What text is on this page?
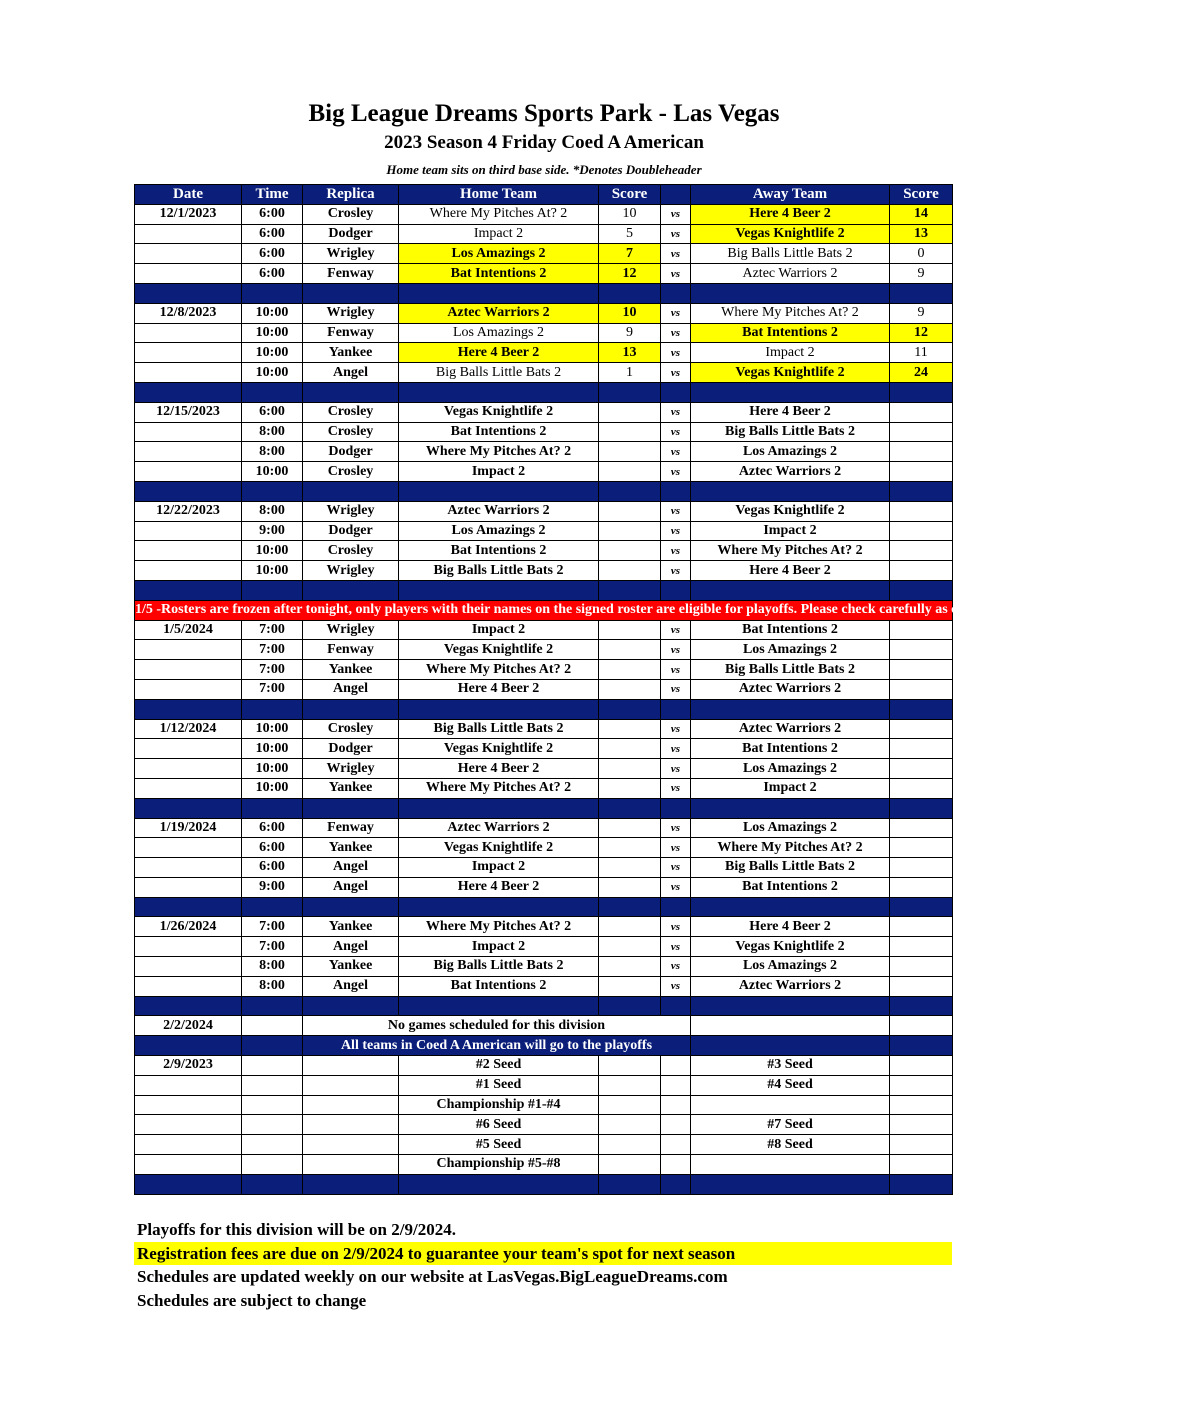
Big League Dreams Sports Park - Las Vegas
2023 Season 4 Friday Coed A American
Home team sits on third base side. *Denotes Doubleheader
Date	Time	Replica	Home Team	Score		Away Team	Score
12/1/2023	6:00	Crosley	Where My Pitches At? 2	10	vs	Here 4 Beer 2	14
	6:00	Dodger	Impact 2	5	vs	Vegas Knightlife 2	13
	6:00	Wrigley	Los Amazings 2	7	vs	Big Balls Little Bats 2	0
	6:00	Fenway	Bat Intentions 2	12	vs	Aztec Warriors 2	9

12/8/2023	10:00	Wrigley	Aztec Warriors 2	10	vs	Where My Pitches At? 2	9
	10:00	Fenway	Los Amazings 2	9	vs	Bat Intentions 2	12
	10:00	Yankee	Here 4 Beer 2	13	vs	Impact 2	11
	10:00	Angel	Big Balls Little Bats 2	1	vs	Vegas Knightlife 2	24

12/15/2023	6:00	Crosley	Vegas Knightlife 2		vs	Here 4 Beer 2	
	8:00	Crosley	Bat Intentions 2		vs	Big Balls Little Bats 2	
	8:00	Dodger	Where My Pitches At? 2		vs	Los Amazings 2	
	10:00	Crosley	Impact 2		vs	Aztec Warriors 2	

12/22/2023	8:00	Wrigley	Aztec Warriors 2		vs	Vegas Knightlife 2	
	9:00	Dodger	Los Amazings 2		vs	Impact 2	
	10:00	Crosley	Bat Intentions 2		vs	Where My Pitches At? 2	
	10:00	Wrigley	Big Balls Little Bats 2		vs	Here 4 Beer 2	

1/5 -Rosters are frozen after tonight, only players with their names on the signed roster are eligible for playoffs. Please check carefully as changes will not be made for omissions.							
1/5/2024	7:00	Wrigley	Impact 2		vs	Bat Intentions 2	
	7:00	Fenway	Vegas Knightlife 2		vs	Los Amazings 2	
	7:00	Yankee	Where My Pitches At? 2		vs	Big Balls Little Bats 2	
	7:00	Angel	Here 4 Beer 2		vs	Aztec Warriors 2	

1/12/2024	10:00	Crosley	Big Balls Little Bats 2		vs	Aztec Warriors 2	
	10:00	Dodger	Vegas Knightlife 2		vs	Bat Intentions 2	
	10:00	Wrigley	Here 4 Beer 2		vs	Los Amazings 2	
	10:00	Yankee	Where My Pitches At? 2		vs	Impact 2	

1/19/2024	6:00	Fenway	Aztec Warriors 2		vs	Los Amazings 2	
	6:00	Yankee	Vegas Knightlife 2		vs	Where My Pitches At? 2	
	6:00	Angel	Impact 2		vs	Big Balls Little Bats 2	
	9:00	Angel	Here 4 Beer 2		vs	Bat Intentions 2	

1/26/2024	7:00	Yankee	Where My Pitches At? 2		vs	Here 4 Beer 2	
	7:00	Angel	Impact 2		vs	Vegas Knightlife 2	
	8:00	Yankee	Big Balls Little Bats 2		vs	Los Amazings 2	
	8:00	Angel	Bat Intentions 2		vs	Aztec Warriors 2	

2/2/2024		No games scheduled for this division					
		All teams in Coed A American will go to the playoffs					
2/9/2023			#2 Seed			#3 Seed	
			#1 Seed			#4 Seed	
			Championship #1-#4				
			#6 Seed			#7 Seed	
			#5 Seed			#8 Seed	
			Championship #5-#8				

Playoffs for this division will be on 2/9/2024.
Registration fees are due on 2/9/2024 to guarantee your team's spot for next season
Schedules are updated weekly on our website at LasVegas.BigLeagueDreams.com
Schedules are subject to change
